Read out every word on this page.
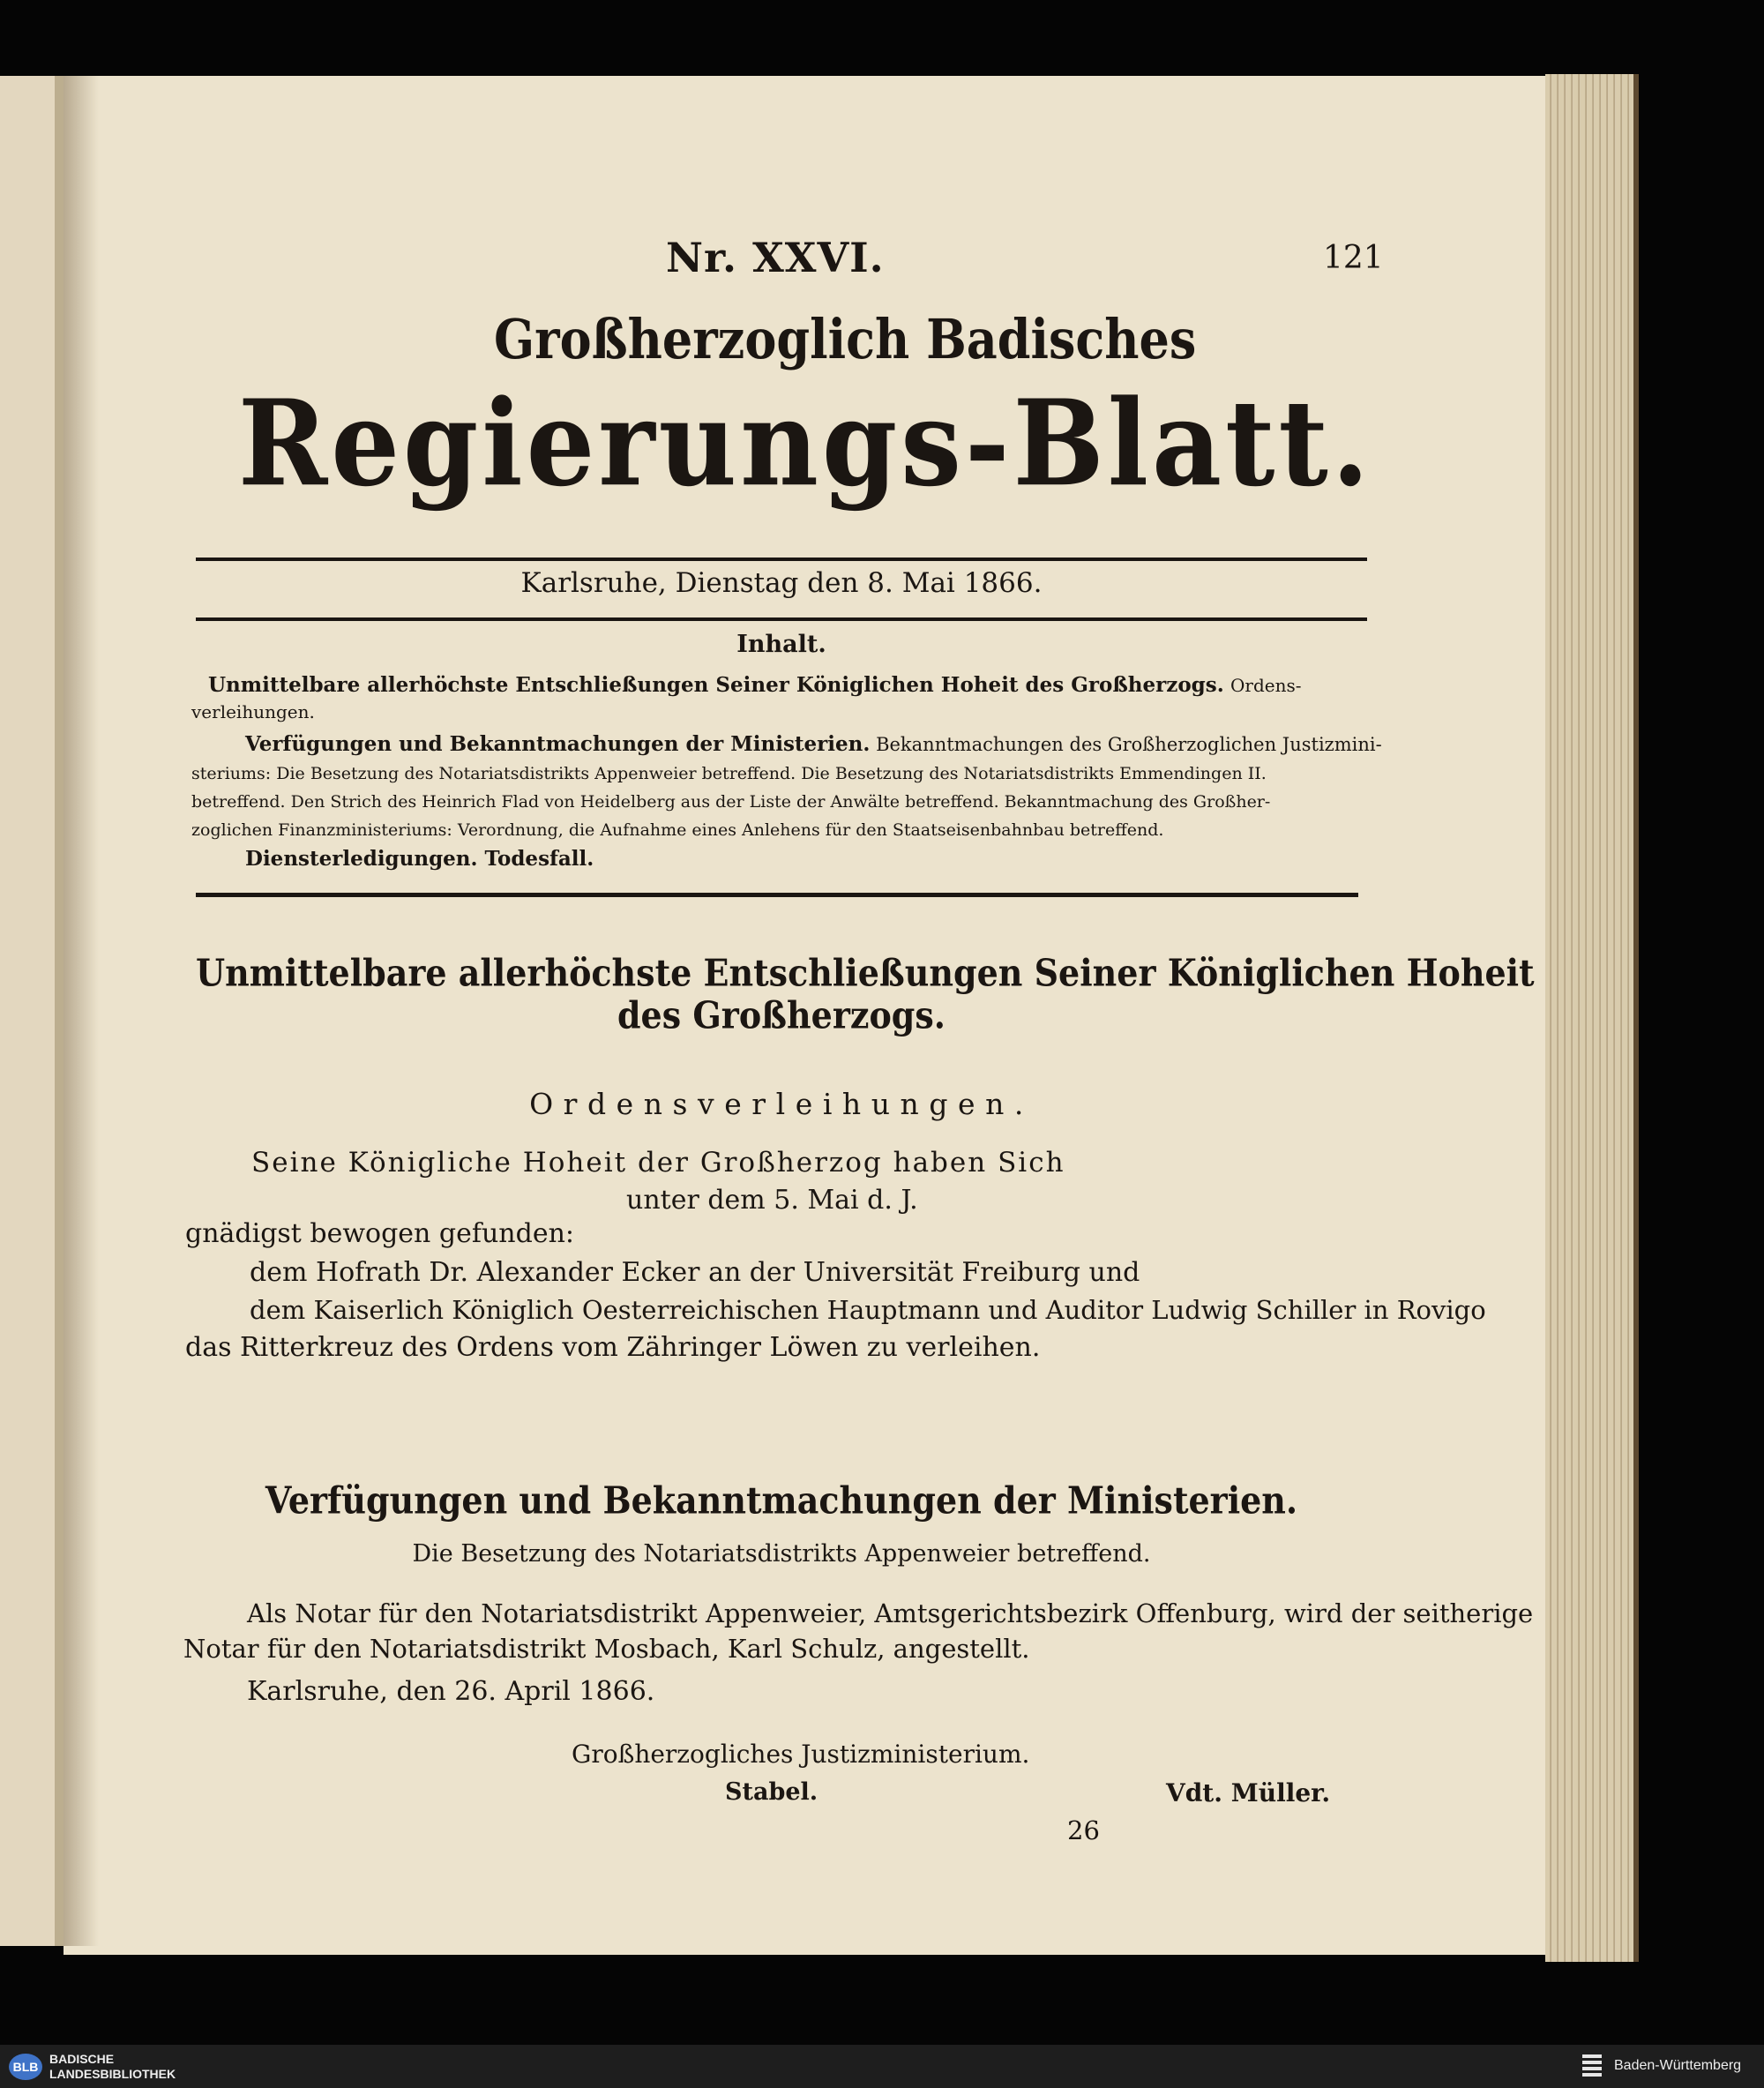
Nr. XXVI.	121
Großherzoglich Badisches
Regierungs-Blatt.
Karlsruhe, Dienstag den 8. Mai 1866.
Inhalt.
Unmittelbare allerhöchste Entschließungen Seiner Königlichen Hoheit des Großherzogs. Ordens-
verleihungen.
Verfügungen und Bekanntmachungen der Ministerien. Bekanntmachungen des Großherzoglichen Justizmini-
steriums: Die Besetzung des Notariatsdistrikts Appenweier betreffend. Die Besetzung des Notariatsdistrikts Emmendingen II.
betreffend. Den Strich des Heinrich Flad von Heidelberg aus der Liste der Anwälte betreffend. Bekanntmachung des Großher-
zoglichen Finanzministeriums: Verordnung, die Aufnahme eines Anlehens für den Staatseisenbahnbau betreffend.
Diensterledigungen. Todesfall.
Unmittelbare allerhöchste Entschließungen Seiner Königlichen Hoheit
des Großherzogs.
Ordensverleihungen.
Seine Königliche Hoheit der Großherzog haben Sich
unter dem 5. Mai d. J.
gnädigst bewogen gefunden:
dem Hofrath Dr. Alexander Ecker an der Universität Freiburg und
dem Kaiserlich Königlich Oesterreichischen Hauptmann und Auditor Ludwig Schiller in Rovigo
das Ritterkreuz des Ordens vom Zähringer Löwen zu verleihen.
Verfügungen und Bekanntmachungen der Ministerien.
Die Besetzung des Notariatsdistrikts Appenweier betreffend.
Als Notar für den Notariatsdistrikt Appenweier, Amtsgerichtsbezirk Offenburg, wird der seitherige
Notar für den Notariatsdistrikt Mosbach, Karl Schulz, angestellt.
Karlsruhe, den 26. April 1866.
Großherzogliches Justizministerium.
Stabel.	Vdt. Müller.
26
BLB
BADISCHE
LANDESBIBLIOTHEK
Baden-Württemberg
